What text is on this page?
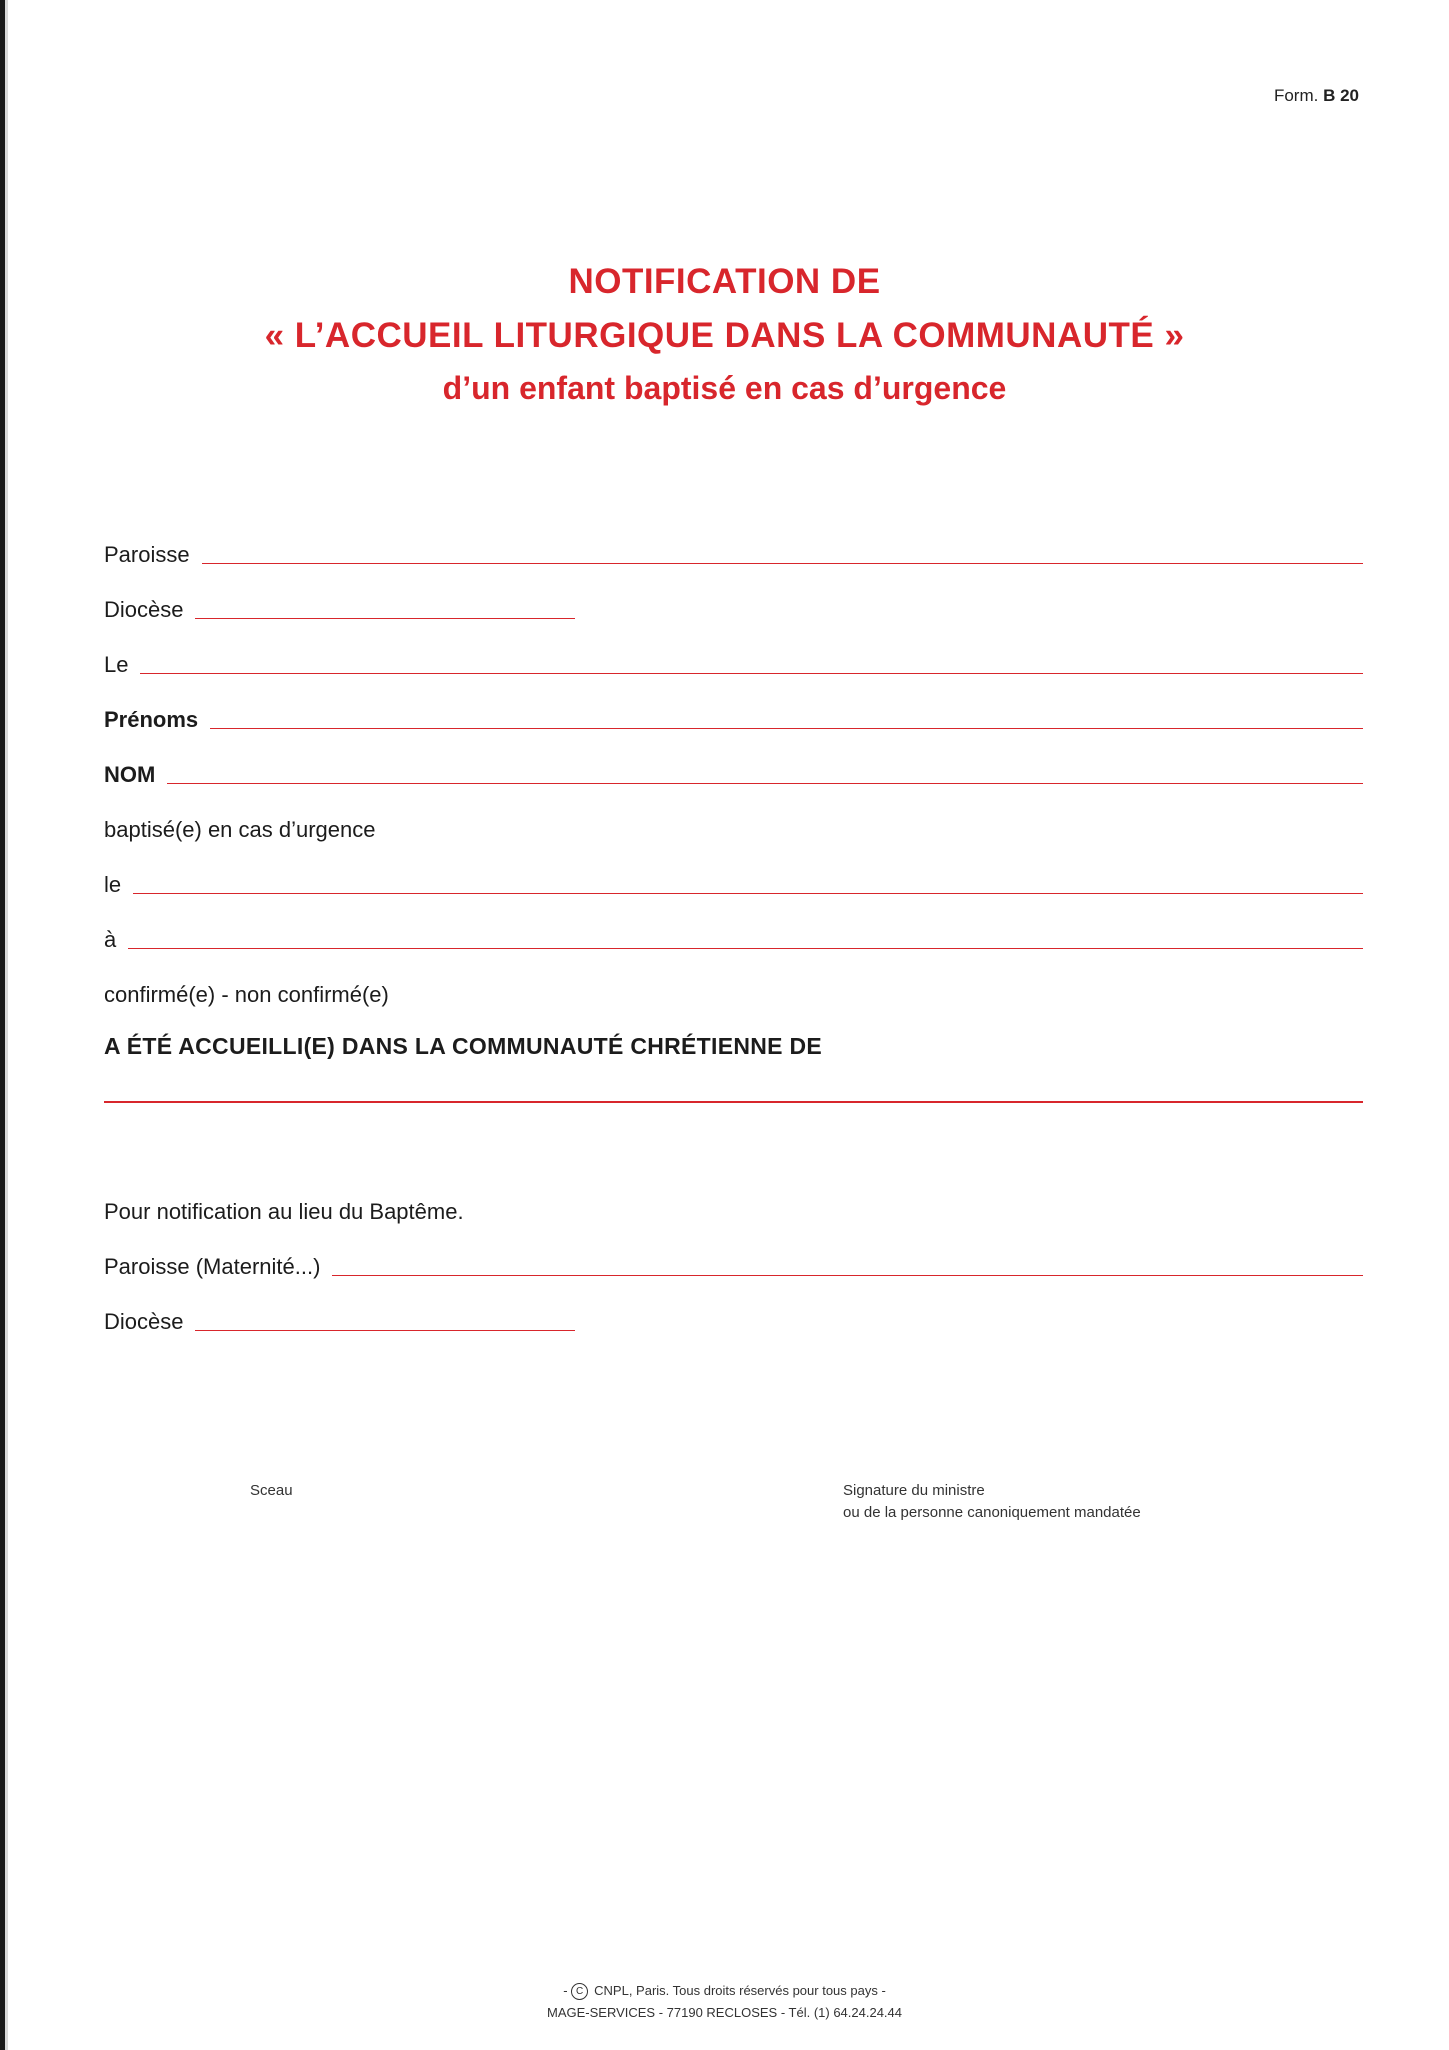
Form. B 20
NOTIFICATION DE
« L’ACCUEIL LITURGIQUE DANS LA COMMUNAUTÉ »
d’un enfant baptisé en cas d’urgence
Paroisse
Diocèse
Le
Prénoms
NOM
baptisé(e) en cas d’urgence
le
à
confirmé(e) - non confirmé(e)
A ÉTÉ ACCUEILLI(E) DANS LA COMMUNAUTÉ CHRÉTIENNE DE
Pour notification au lieu du Baptême.
Paroisse (Maternité...)
Diocèse
Sceau	Signature du ministre
ou de la personne canoniquement mandatée
- C CNPL, Paris. Tous droits réservés pour tous pays -
MAGE-SERVICES - 77190 RECLOSES - Tél. (1) 64.24.24.44
